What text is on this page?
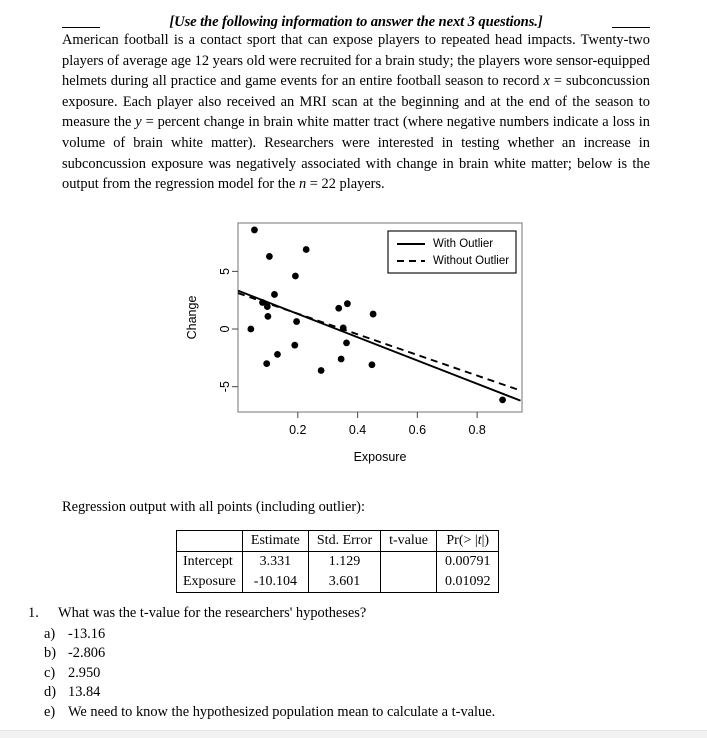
[Use the following information to answer the next 3 questions.]
American football is a contact sport that can expose players to repeated head impacts. Twenty-two players of average age 12 years old were recruited for a brain study; the players wore sensor-equipped helmets during all practice and game events for an entire football season to record x = subconcussion exposure. Each player also received an MRI scan at the beginning and at the end of the season to measure the y = percent change in brain white matter tract (where negative numbers indicate a loss in volume of brain white matter). Researchers were interested in testing whether an increase in subconcussion exposure was negatively associated with change in brain white matter; below is the output from the regression model for the n = 22 players.
0.2	0.4	0.6	0.8
-5
0
5
Exposure
Change
With Outlier
Without Outlier
Regression output with all points (including outlier):
	Estimate	Std. Error	t-value	Pr(> |t|)
Intercept	3.331	1.129		0.00791
Exposure	-10.104	3.601		0.01092
1.	What was the t-value for the researchers' hypotheses?
a) -13.16
b) -2.806
c) 2.950
d) 13.84
e) We need to know the hypothesized population mean to calculate a t-value.
